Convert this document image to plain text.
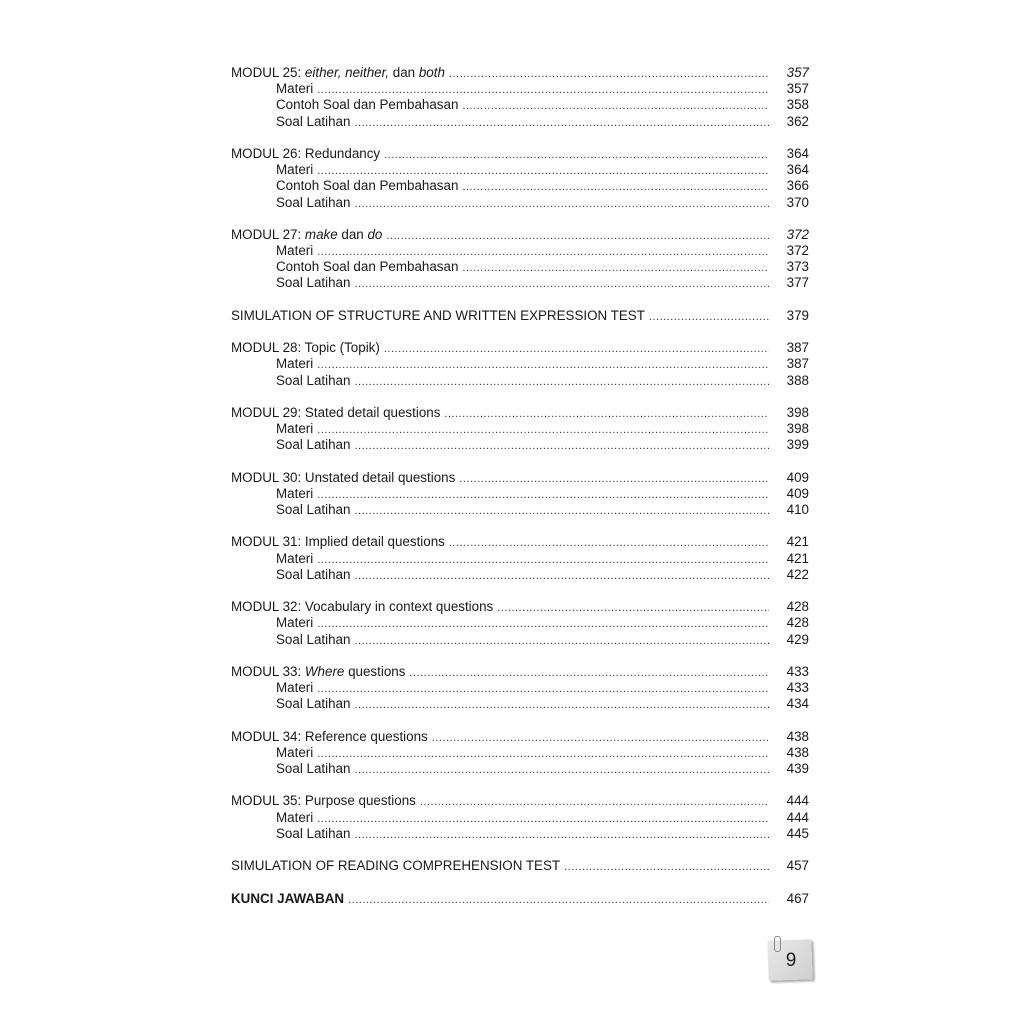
MODUL 25: either, neither, dan both .....	357
Materi .....	357
Contoh Soal dan Pembahasan .....	358
Soal Latihan .....	362
MODUL 26: Redundancy .....	364
Materi .....	364
Contoh Soal dan Pembahasan .....	366
Soal Latihan .....	370
MODUL 27: make dan do .....	372
Materi .....	372
Contoh Soal dan Pembahasan .....	373
Soal Latihan .....	377
SIMULATION OF STRUCTURE AND WRITTEN EXPRESSION TEST .....	379
MODUL 28: Topic (Topik) .....	387
Materi .....	387
Soal Latihan .....	388
MODUL 29: Stated detail questions .....	398
Materi .....	398
Soal Latihan .....	399
MODUL 30: Unstated detail questions .....	409
Materi .....	409
Soal Latihan .....	410
MODUL 31: Implied detail questions .....	421
Materi .....	421
Soal Latihan .....	422
MODUL 32: Vocabulary in context questions .....	428
Materi .....	428
Soal Latihan .....	429
MODUL 33: Where questions .....	433
Materi .....	433
Soal Latihan .....	434
MODUL 34: Reference questions .....	438
Materi .....	438
Soal Latihan .....	439
MODUL 35: Purpose questions .....	444
Materi .....	444
Soal Latihan .....	445
SIMULATION OF READING COMPREHENSION TEST .....	457
KUNCI JAWABAN .....	467
9
